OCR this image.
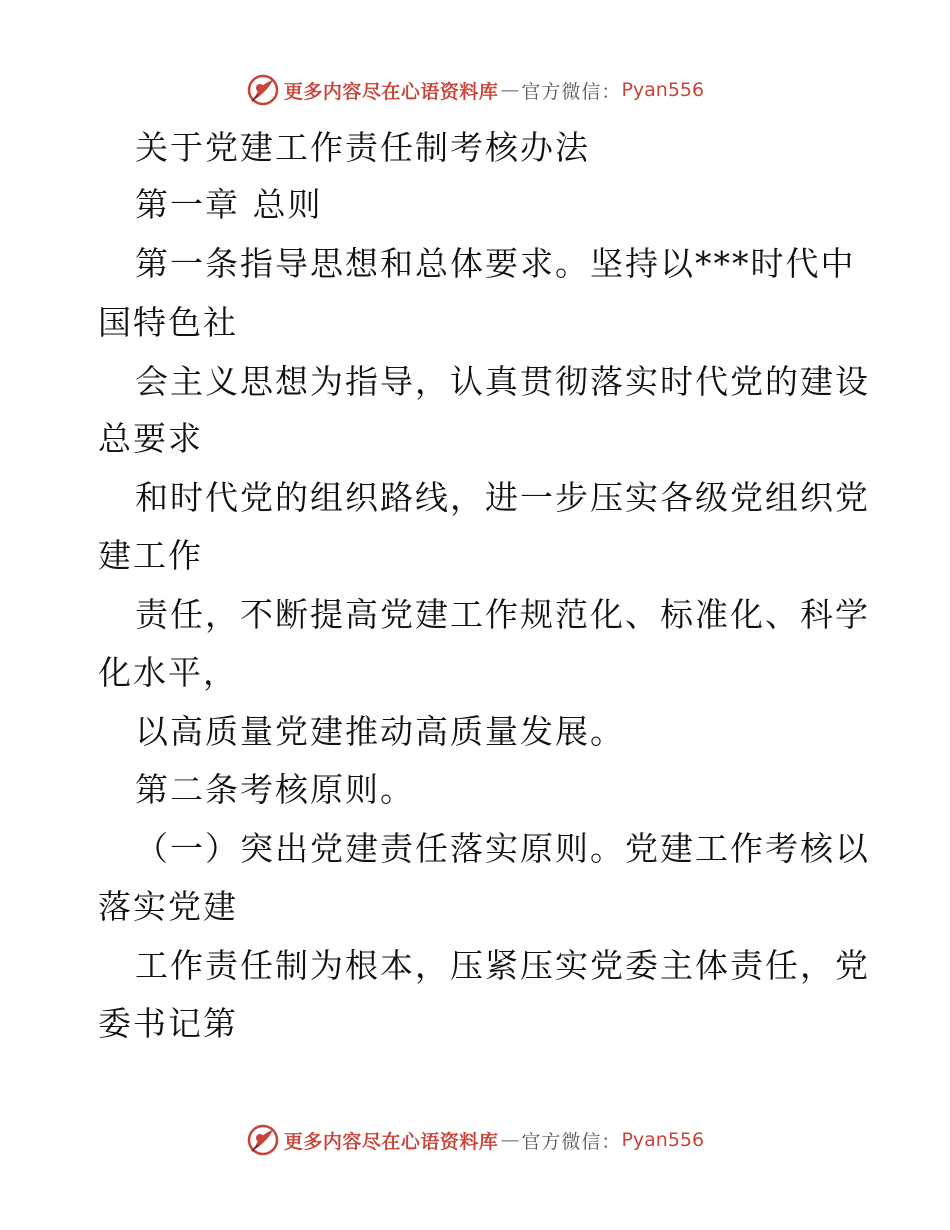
更多内容尽在心语资料库 — 官方微信： Pyan556
关于党建工作责任制考核办法
第一章 总则
第一条指导思想和总体要求。坚持以***时代中
国特色社
会主义思想为指导，认真贯彻落实时代党的建设
总要求
和时代党的组织路线，进一步压实各级党组织党
建工作
责任，不断提高党建工作规范化、标准化、科学
化水平，
以高质量党建推动高质量发展。
第二条考核原则。
（一）突出党建责任落实原则。党建工作考核以
落实党建
工作责任制为根本，压紧压实党委主体责任，党
委书记第
更多内容尽在心语资料库 — 官方微信： Pyan556
